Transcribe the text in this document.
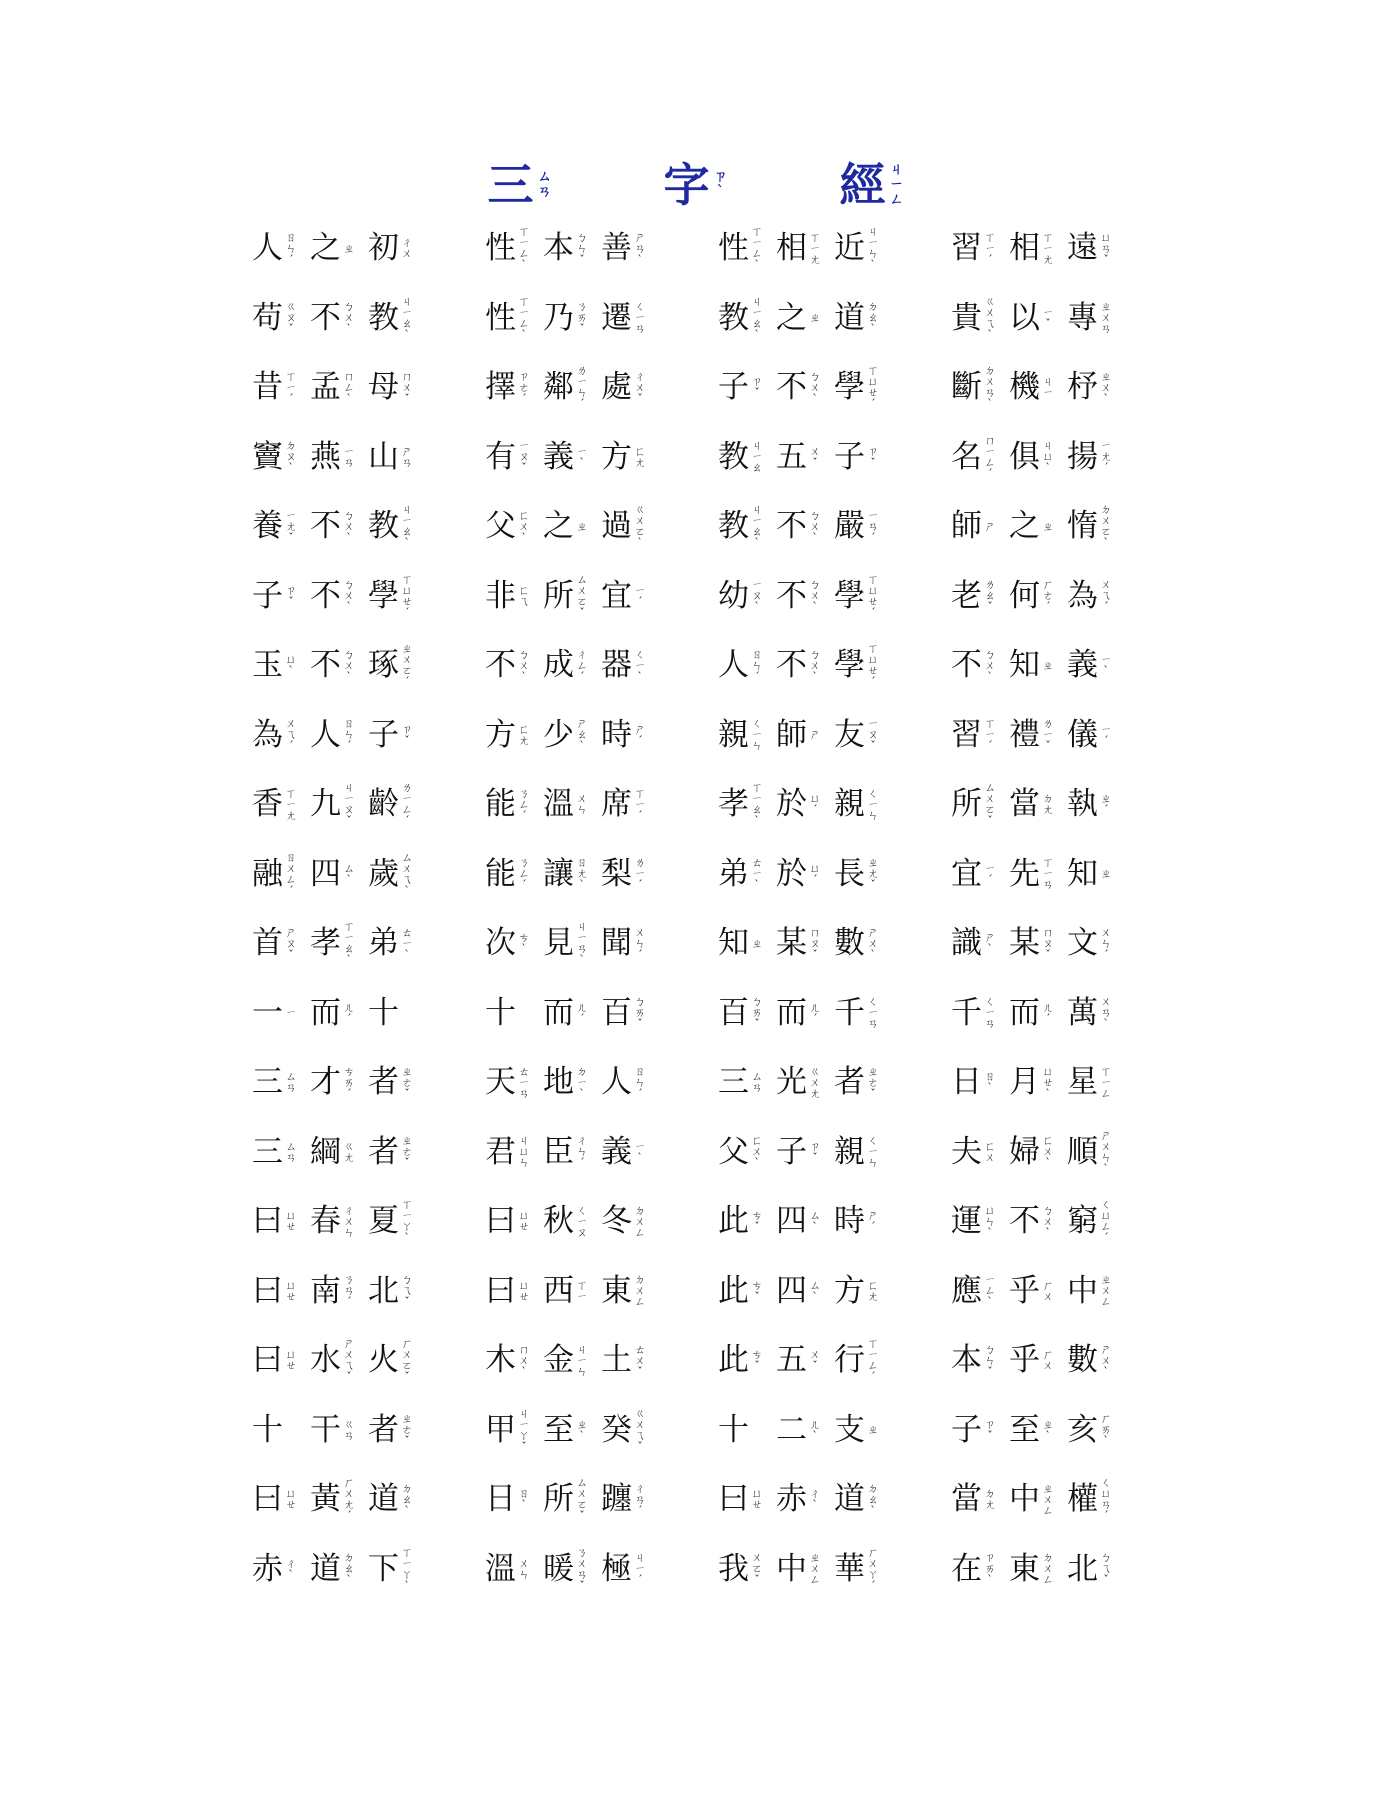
三 ㄙ
ㄢ 字 ㄗ
ˋ	經 ㄐ
ㄧ
ㄥ
人 ㄖ
ㄣ
ˊ 之 ㄓ 初 ㄔ
ㄨ 性 ㄒ
ㄧ
ㄥ
ˋ 本 ㄅ
ㄣ
ˇ 善 ㄕ
ㄢ
ˋ 性 ㄒ
ㄧ
ㄥ
ˋ 相 ㄒ
ㄧ
ㄤ 近 ㄐ
ㄧ
ㄣ
ˋ 習 ㄒ
ㄧ
ˊ 相 ㄒ
ㄧ
ㄤ 遠 ㄩ
ㄢ
ˇ
苟 ㄍ
ㄡ
ˇ 不 ㄅ
ㄨ
ˋ 教 ㄐ
ㄧ
ㄠ
ˋ 性 ㄒ
ㄧ
ㄥ
ˋ 乃 ㄋ
ㄞ
ˇ 遷 ㄑ
ㄧ
ㄢ 教 ㄐ
ㄧ
ㄠ
ˋ 之 ㄓ 道 ㄉ
ㄠ
ˋ 貴 ㄍ
ㄨ
ㄟ
ˋ 以 ㄧ
ˇ 專 ㄓ
ㄨ
ㄢ
昔 ㄒ
ㄧ
ˊ 孟 ㄇ
ㄥ
ˋ 母 ㄇ
ㄨ
ˇ 擇 ㄗ
ㄜ
ˊ 鄰 ㄌ
ㄧ
ㄣ
ˊ 處 ㄔ
ㄨ
ˇ 子 ㄗ
ˇ 不 ㄅ
ㄨ
ˋ 學 ㄒ
ㄩ
ㄝ
ˊ 斷 ㄉ
ㄨ
ㄢ
ˋ 機 ㄐ
ㄧ 杼 ㄓ
ㄨ
ˋ
竇 ㄉ
ㄡ
ˋ 燕 ㄧ
ㄢ 山 ㄕ
ㄢ 有 ㄧ
ㄡ
ˇ 義 ㄧ
ˋ 方 ㄈ
ㄤ 教 ㄐ
ㄧ
ㄠ 五 ㄨ
ˇ 子 ㄗ
ˇ 名 ㄇ
ㄧ
ㄥ
ˊ 俱 ㄐ
ㄩ
ˋ 揚 ㄧ
ㄤ
ˊ
養 ㄧ
ㄤ
ˇ 不 ㄅ
ㄨ
ˋ 教 ㄐ
ㄧ
ㄠ
ˋ 父 ㄈ
ㄨ
ˋ 之 ㄓ 過 ㄍ
ㄨ
ㄛ
ˋ 教 ㄐ
ㄧ
ㄠ
ˋ 不 ㄅ
ㄨ
ˋ 嚴 ㄧ
ㄢ
ˊ 師 ㄕ 之 ㄓ 惰 ㄉ
ㄨ
ㄛ
ˋ
子 ㄗ
ˇ 不 ㄅ
ㄨ
ˋ 學 ㄒ
ㄩ
ㄝ
ˊ 非 ㄈ
ㄟ 所 ㄙ
ㄨ
ㄛ
ˇ 宜 ㄧ
ˊ 幼 ㄧ
ㄡ
ˋ 不 ㄅ
ㄨ
ˋ 學 ㄒ
ㄩ
ㄝ
ˊ 老 ㄌ
ㄠ
ˇ 何 ㄏ
ㄜ
ˊ 為 ㄨ
ㄟ
ˊ
玉 ㄩ
ˋ 不 ㄅ
ㄨ
ˋ 琢 ㄓ
ㄨ
ㄛ
ˊ 不 ㄅ
ㄨ
ˋ 成 ㄔ
ㄥ
ˊ 器 ㄑ
ㄧ
ˋ 人 ㄖ
ㄣ
ˊ 不 ㄅ
ㄨ
ˋ 學 ㄒ
ㄩ
ㄝ
ˊ 不 ㄅ
ㄨ
ˋ 知 ㄓ 義 ㄧ
ˋ
為 ㄨ
ㄟ
ˊ 人 ㄖ
ㄣ
ˊ 子 ㄗ
ˇ 方 ㄈ
ㄤ 少 ㄕ
ㄠ
ˋ 時 ㄕ
ˊ 親 ㄑ
ㄧ
ㄣ 師 ㄕ 友 ㄧ
ㄡ
ˇ 習 ㄒ
ㄧ
ˊ 禮 ㄌ
ㄧ
ˇ 儀 ㄧ
ˊ
香 ㄒ
ㄧ
ㄤ 九 ㄐ
ㄧ
ㄡ
ˇ 齡 ㄌ
ㄧ
ㄥ
ˊ 能 ㄋ
ㄥ
ˊ 溫 ㄨ
ㄣ 席 ㄒ
ㄧ
ˊ 孝 ㄒ
ㄧ
ㄠ
ˋ 於 ㄩ
ˊ 親 ㄑ
ㄧ
ㄣ 所 ㄙ
ㄨ
ㄛ
ˇ 當 ㄉ
ㄤ 執 ㄓ
ˊ
融 ㄖ
ㄨ
ㄥ
ˊ 四 ㄙ
ˋ 歲 ㄙ
ㄨ
ㄟ
ˋ 能 ㄋ
ㄥ
ˊ 讓 ㄖ
ㄤ
ˋ 梨 ㄌ
ㄧ
ˊ 弟 ㄊ
ㄧ
ˋ 於 ㄩ
ˊ 長 ㄓ
ㄤ
ˇ 宜 ㄧ
ˊ 先 ㄒ
ㄧ
ㄢ 知 ㄓ
首 ㄕ
ㄡ
ˇ 孝 ㄒ
ㄧ
ㄠ
ˋ 弟 ㄊ
ㄧ
ˋ 次 ㄘ
ˋ 見 ㄐ
ㄧ
ㄢ
ˋ 聞 ㄨ
ㄣ
ˊ 知 ㄓ 某 ㄇ
ㄡ
ˇ 數 ㄕ
ㄨ
ˋ 識 ㄕ
ˋ 某 ㄇ
ㄡ
ˇ 文 ㄨ
ㄣ
ˊ
一 ㄧ 而 ㄦ
ˊ 十	十 而 ㄦ
ˊ 百 ㄅ
ㄞ
ˇ 百 ㄅ
ㄞ
ˇ 而 ㄦ
ˊ 千 ㄑ
ㄧ
ㄢ 千 ㄑ
ㄧ
ㄢ 而 ㄦ
ˊ 萬 ㄨ
ㄢ
ˋ
三 ㄙ
ㄢ 才 ㄘ
ㄞ
ˊ 者 ㄓ
ㄜ
ˇ 天 ㄊ
ㄧ
ㄢ 地 ㄉ
ㄧ
ˋ 人 ㄖ
ㄣ
ˊ 三 ㄙ
ㄢ 光 ㄍ
ㄨ
ㄤ 者 ㄓ
ㄜ
ˇ 日 ㄖ
ˋ 月 ㄩ
ㄝ
ˋ 星 ㄒ
ㄧ
ㄥ
三 ㄙ
ㄢ 綱 ㄍ
ㄤ 者 ㄓ
ㄜ
ˇ 君 ㄐ
ㄩ
ㄣ 臣 ㄔ
ㄣ
ˊ 義 ㄧ
ˋ 父 ㄈ
ㄨ
ˋ 子 ㄗ
ˇ 親 ㄑ
ㄧ
ㄣ 夫 ㄈ
ㄨ 婦 ㄈ
ㄨ
ˋ 順 ㄕ
ㄨ
ㄣ
ˋ
曰 ㄩ
ㄝ 春 ㄔ
ㄨ
ㄣ 夏 ㄒ
ㄧ
ㄚ
ˋ 曰 ㄩ
ㄝ 秋 ㄑ
ㄧ
ㄡ 冬 ㄉ
ㄨ
ㄥ 此 ㄘ
ˇ 四 ㄙ
ˋ 時 ㄕ
ˊ 運 ㄩ
ㄣ
ˋ 不 ㄅ
ㄨ
ˋ 窮 ㄑ
ㄩ
ㄥ
ˊ
曰 ㄩ
ㄝ 南 ㄋ
ㄢ
ˊ 北 ㄅ
ㄟ
ˇ 曰 ㄩ
ㄝ 西 ㄒ
ㄧ 東 ㄉ
ㄨ
ㄥ 此 ㄘ
ˇ 四 ㄙ
ˋ 方 ㄈ
ㄤ 應 ㄧ
ㄥ
ˋ 乎 ㄏ
ㄨ 中 ㄓ
ㄨ
ㄥ
曰 ㄩ
ㄝ 水 ㄕ
ㄨ
ㄟ
ˇ 火 ㄏ
ㄨ
ㄛ
ˇ 木 ㄇ
ㄨ
ˋ 金 ㄐ
ㄧ
ㄣ 土 ㄊ
ㄨ
ˇ 此 ㄘ
ˇ 五 ㄨ
ˇ 行 ㄒ
ㄧ
ㄥ
ˊ 本 ㄅ
ㄣ
ˇ 乎 ㄏ
ㄨ 數 ㄕ
ㄨ
ˋ
十 干 ㄍ
ㄢ 者 ㄓ
ㄜ
ˇ 甲 ㄐ
ㄧ
ㄚ
ˇ 至 ㄓ
ˋ 癸 ㄍ
ㄨ
ㄟ
ˇ 十 二 ㄦ
ˋ 支 ㄓ 子 ㄗ
ˇ 至 ㄓ
ˋ 亥 ㄏ
ㄞ
ˋ
曰 ㄩ
ㄝ 黃 ㄏ
ㄨ
ㄤ
ˊ 道 ㄉ
ㄠ
ˋ 日 ㄖ
ˋ 所 ㄙ
ㄨ
ㄛ
ˇ 躔 ㄔ
ㄢ
ˊ 曰 ㄩ
ㄝ 赤 ㄔ
ˋ 道 ㄉ
ㄠ
ˋ 當 ㄉ
ㄤ 中 ㄓ
ㄨ
ㄥ 權 ㄑ
ㄩ
ㄢ
ˊ
赤 ㄔ
ˋ 道 ㄉ
ㄠ
ˋ 下 ㄒ
ㄧ
ㄚ
ˋ 溫 ㄨ
ㄣ 暖 ㄋ
ㄨ
ㄢ
ˇ 極 ㄐ
ㄧ
ˊ 我 ㄨ
ㄛ
ˇ 中 ㄓ
ㄨ
ㄥ 華 ㄏ
ㄨ
ㄚ
ˊ 在 ㄗ
ㄞ
ˋ 東 ㄉ
ㄨ
ㄥ 北 ㄅ
ㄟ
ˇ
